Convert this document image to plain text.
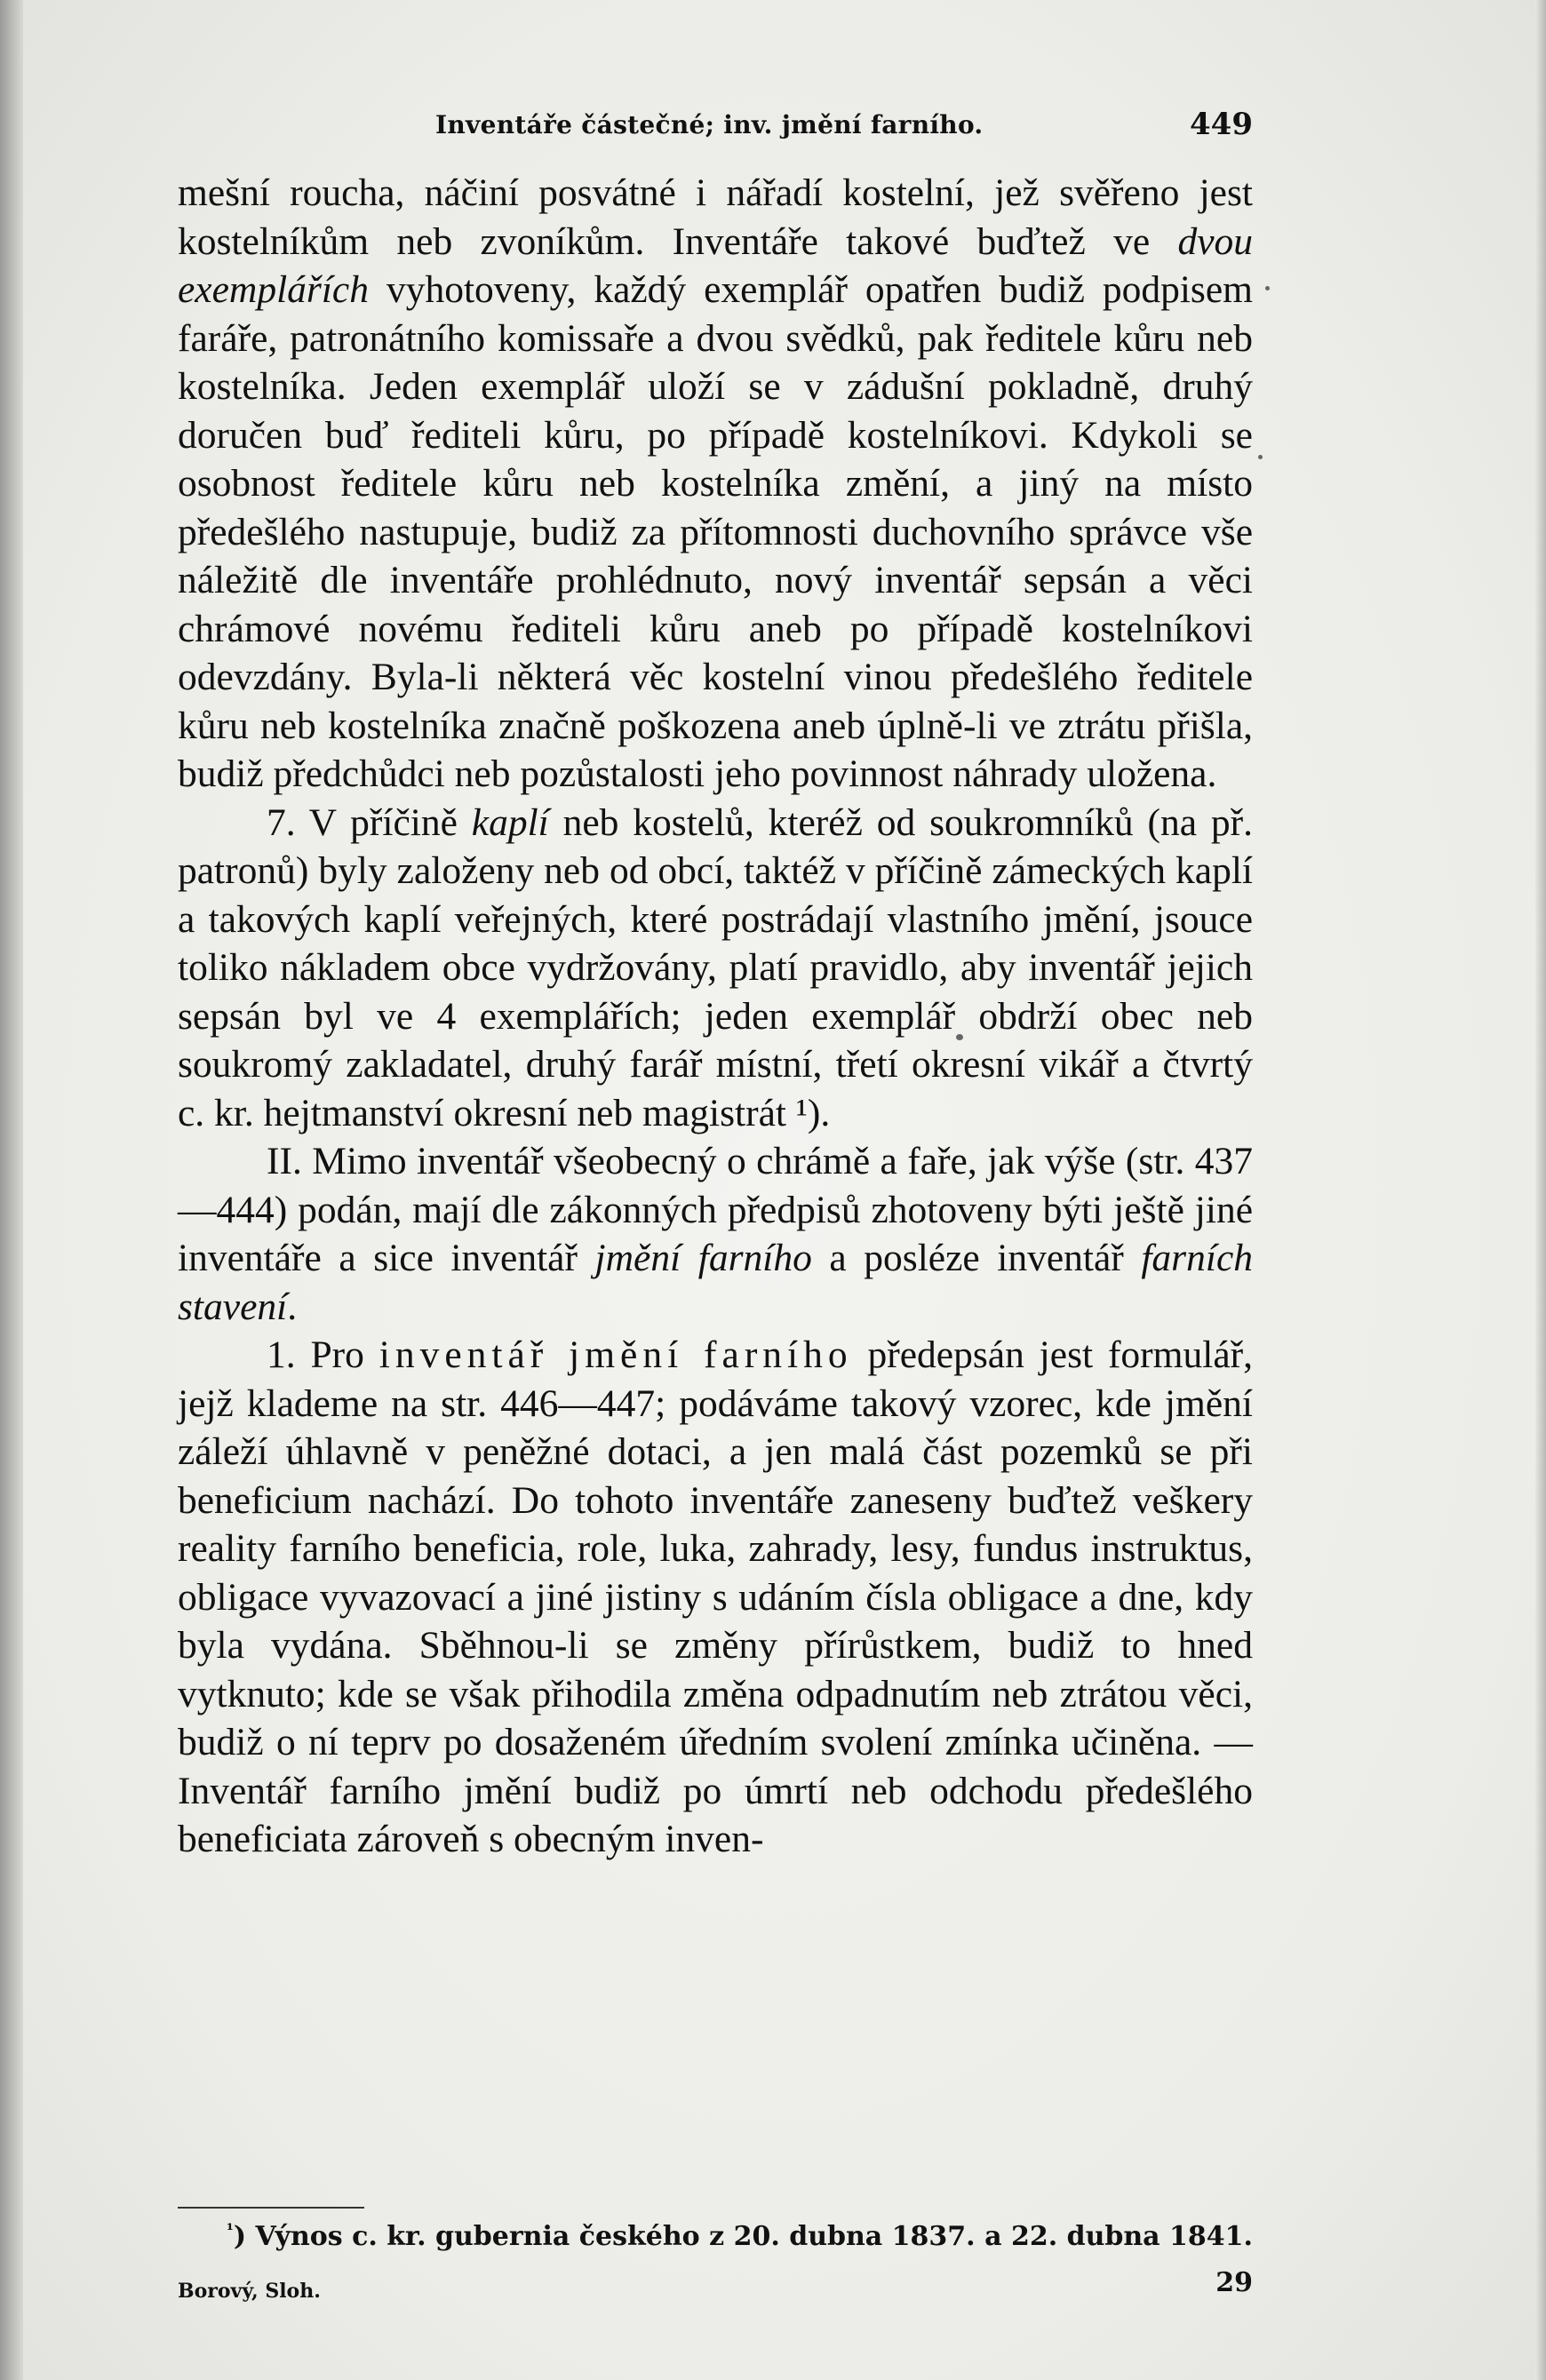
Inventáře částečné; inv. jmění farního.	449

mešní roucha, náčiní posvátné i nářadí kostelní, jež svěřeno jest kostelníkům neb zvoníkům. Inventáře takové buďtež ve dvou exemplářích vyhotoveny, každý exemplář opatřen budiž podpisem faráře, patronátního komissaře a dvou svědků, pak ředitele kůru neb kostelníka. Jeden exemplář uloží se v zádušní pokladně, druhý doručen buď řediteli kůru, po případě kostelníkovi. Kdykoli se osobnost ředitele kůru neb kostelníka změní, a jiný na místo předešlého nastupuje, budiž za přítomnosti duchovního správce vše náležitě dle inventáře prohlédnuto, nový inventář sepsán a věci chrámové novému řediteli kůru aneb po případě kostelníkovi odevzdány. Byla-li některá věc kostelní vinou předešlého ředitele kůru neb kostelníka značně poškozena aneb úplně-li ve ztrátu přišla, budiž předchůdci neb pozůstalosti jeho povinnost náhrady uložena.

7. V příčině kaplí neb kostelů, kteréž od soukromníků (na př. patronů) byly založeny neb od obcí, taktéž v příčině zámeckých kaplí a takových kaplí veřejných, které postrádají vlastního jmění, jsouce toliko nákladem obce vydržovány, platí pravidlo, aby inventář jejich sepsán byl ve 4 exemplářích; jeden exemplář obdrží obec neb soukromý zakladatel, druhý farář místní, třetí okresní vikář a čtvrtý c. kr. hejtmanství okresní neb magistrát ¹).

II. Mimo inventář všeobecný o chrámě a faře, jak výše (str. 437—444) podán, mají dle zákonných předpisů zhotoveny býti ještě jiné inventáře a sice inventář jmění farního a posléze inventář farních stavení.

1. Pro inventář jmění farního předepsán jest formulář, jejž klademe na str. 446—447; podáváme takový vzorec, kde jmění záleží úhlavně v peněžné dotaci, a jen malá část pozemků se při beneficium nachází. Do tohoto inventáře zaneseny buďtež veškery reality farního beneficia, role, luka, zahrady, lesy, fundus instruktus, obligace vyvazovací a jiné jistiny s udáním čísla obligace a dne, kdy byla vydána. Sběhnou-li se změny přírůstkem, budiž to hned vytknuto; kde se však přihodila změna odpadnutím neb ztrátou věci, budiž o ní teprv po dosaženém úředním svolení zmínka učiněna. — Inventář farního jmění budiž po úmrtí neb odchodu předešlého beneficiata zároveň s obecným inven-

$^{^1}$) Výnos c. kr. gubernia českého z 20. dubna 1837. a 22. dubna 1841.
Borový, Sloh.	29
